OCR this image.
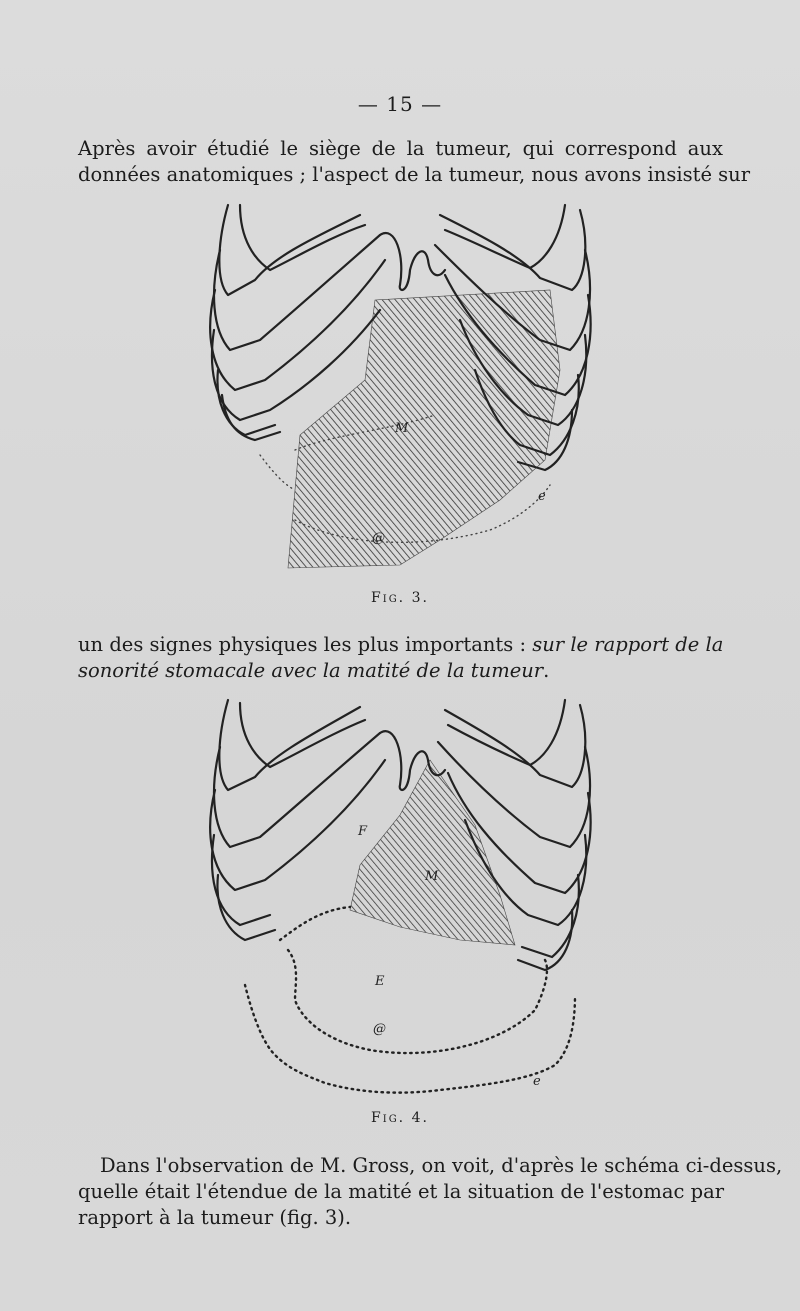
— 15 —
Après avoir étudié le siège de la tumeur, qui correspond aux
données anatomiques ; l'aspect de la tumeur, nous avons insisté sur
M
@
e
Fig. 3.
un des signes physiques les plus importants : sur le rapport de la
sonorité stomacale avec la matité de la tumeur.
F
M
E
@
e
Fig. 4.
Dans l'observation de M. Gross, on voit, d'après le schéma ci-dessus,
quelle était l'étendue de la matité et la situation de l'estomac par
rapport à la tumeur (fig. 3).
